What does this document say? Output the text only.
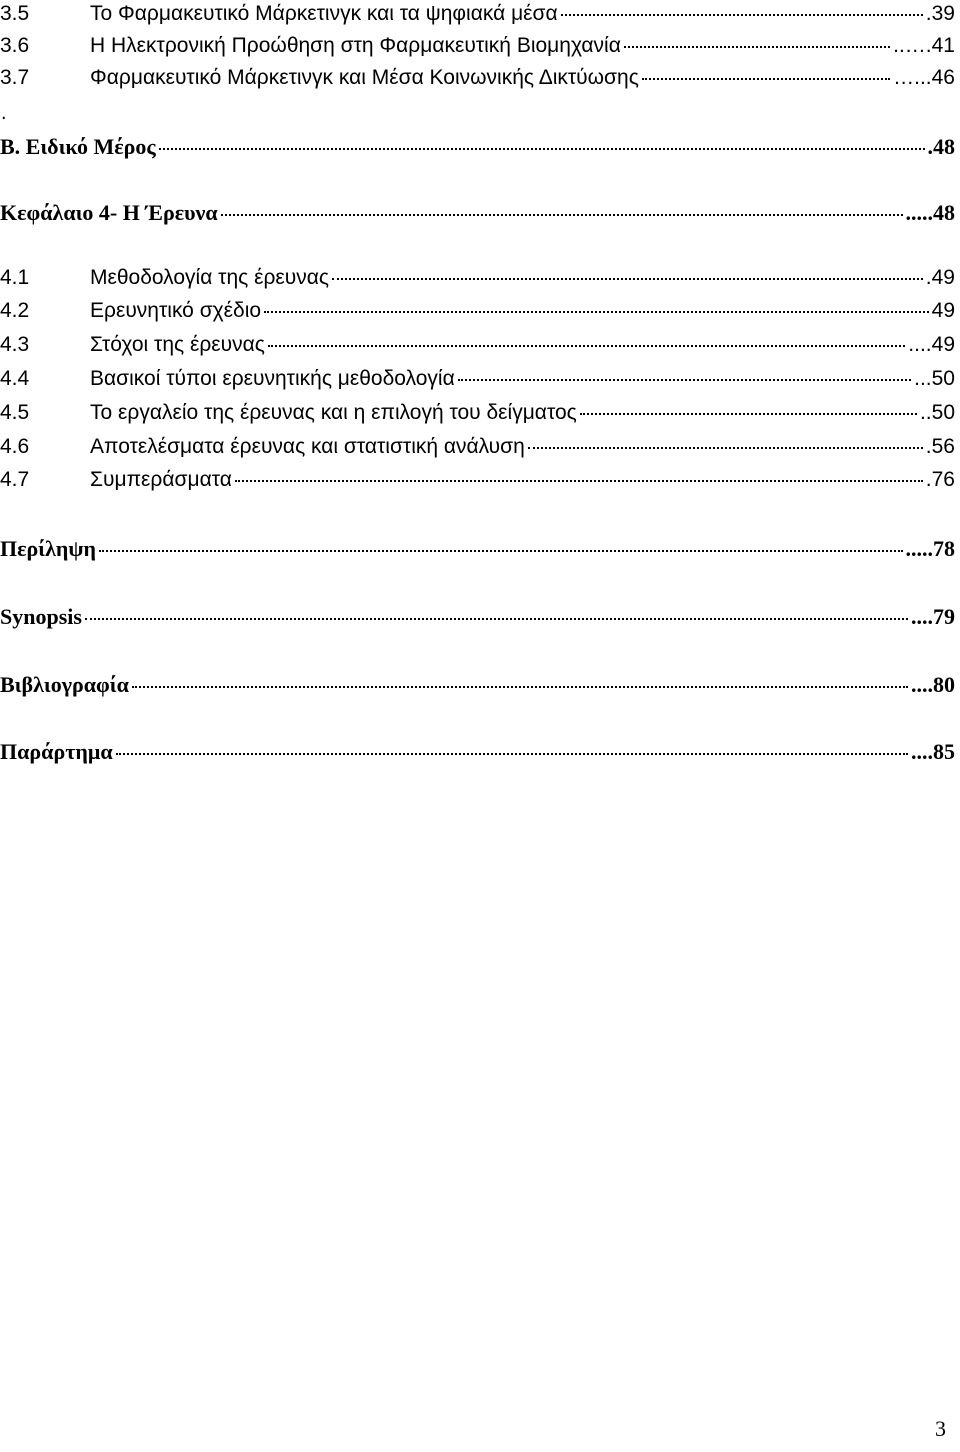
3.5	Το Φαρμακευτικό Μάρκετινγκ και τα ψηφιακά μέσα	.39
3.6	Η Ηλεκτρονική Προώθηση στη Φαρμακευτική Βιομηχανία	..….41
3.7	Φαρμακευτικό Μάρκετινγκ και Μέσα Κοινωνικής Δικτύωσης	…...46
.
Β. Ειδικό Μέρος	.48
Κεφάλαιο 4- Η Έρευνα	.....48
4.1	Μεθοδολογία της έρευνας	.49
4.2	Ερευνητικό σχέδιο	49
4.3	Στόχοι της έρευνας	....49
4.4	Βασικοί τύποι ερευνητικής μεθοδολογία	...50
4.5	Το εργαλείο της έρευνας και η επιλογή του δείγματος	..50
4.6	Αποτελέσματα έρευνας και στατιστική ανάλυση	.56
4.7	Συμπεράσματα	.76
Περίληψη	.....78
Synopsis	....79
Βιβλιογραφία	....80
Παράρτημα	....85
3
